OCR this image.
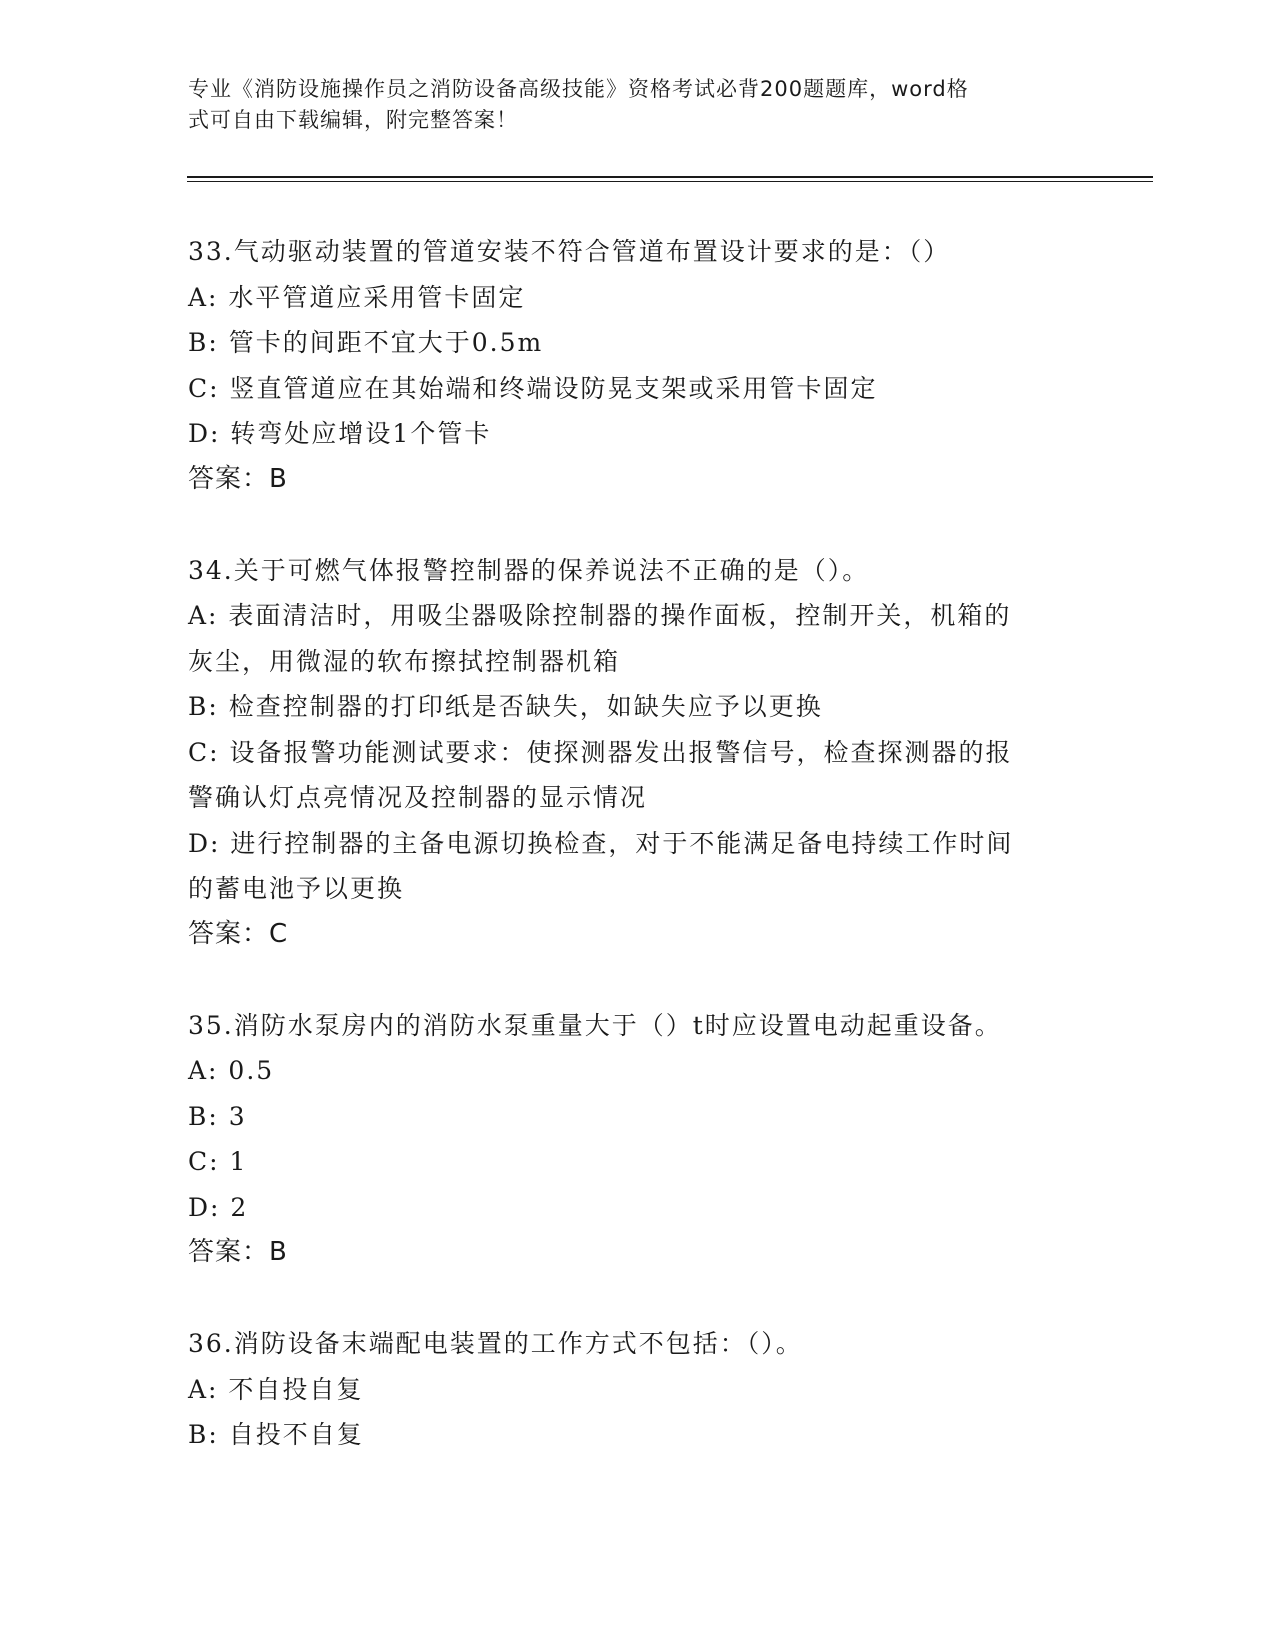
专业《消防设施操作员之消防设备高级技能》资格考试必背200题题库，word格
式可自由下载编辑，附完整答案！
33.气动驱动装置的管道安装不符合管道布置设计要求的是：（）
A: 水平管道应采用管卡固定
B: 管卡的间距不宜大于0.5m
C: 竖直管道应在其始端和终端设防晃支架或采用管卡固定
D: 转弯处应增设1个管卡
答案：B
34.关于可燃气体报警控制器的保养说法不正确的是（）。
A: 表面清洁时，用吸尘器吸除控制器的操作面板，控制开关，机箱的
灰尘，用微湿的软布擦拭控制器机箱
B: 检查控制器的打印纸是否缺失，如缺失应予以更换
C: 设备报警功能测试要求：使探测器发出报警信号，检查探测器的报
警确认灯点亮情况及控制器的显示情况
D: 进行控制器的主备电源切换检查，对于不能满足备电持续工作时间
的蓄电池予以更换
答案：C
35.消防水泵房内的消防水泵重量大于（）t时应设置电动起重设备。
A: 0.5
B: 3
C: 1
D: 2
答案：B
36.消防设备末端配电装置的工作方式不包括：（）。
A: 不自投自复
B: 自投不自复
